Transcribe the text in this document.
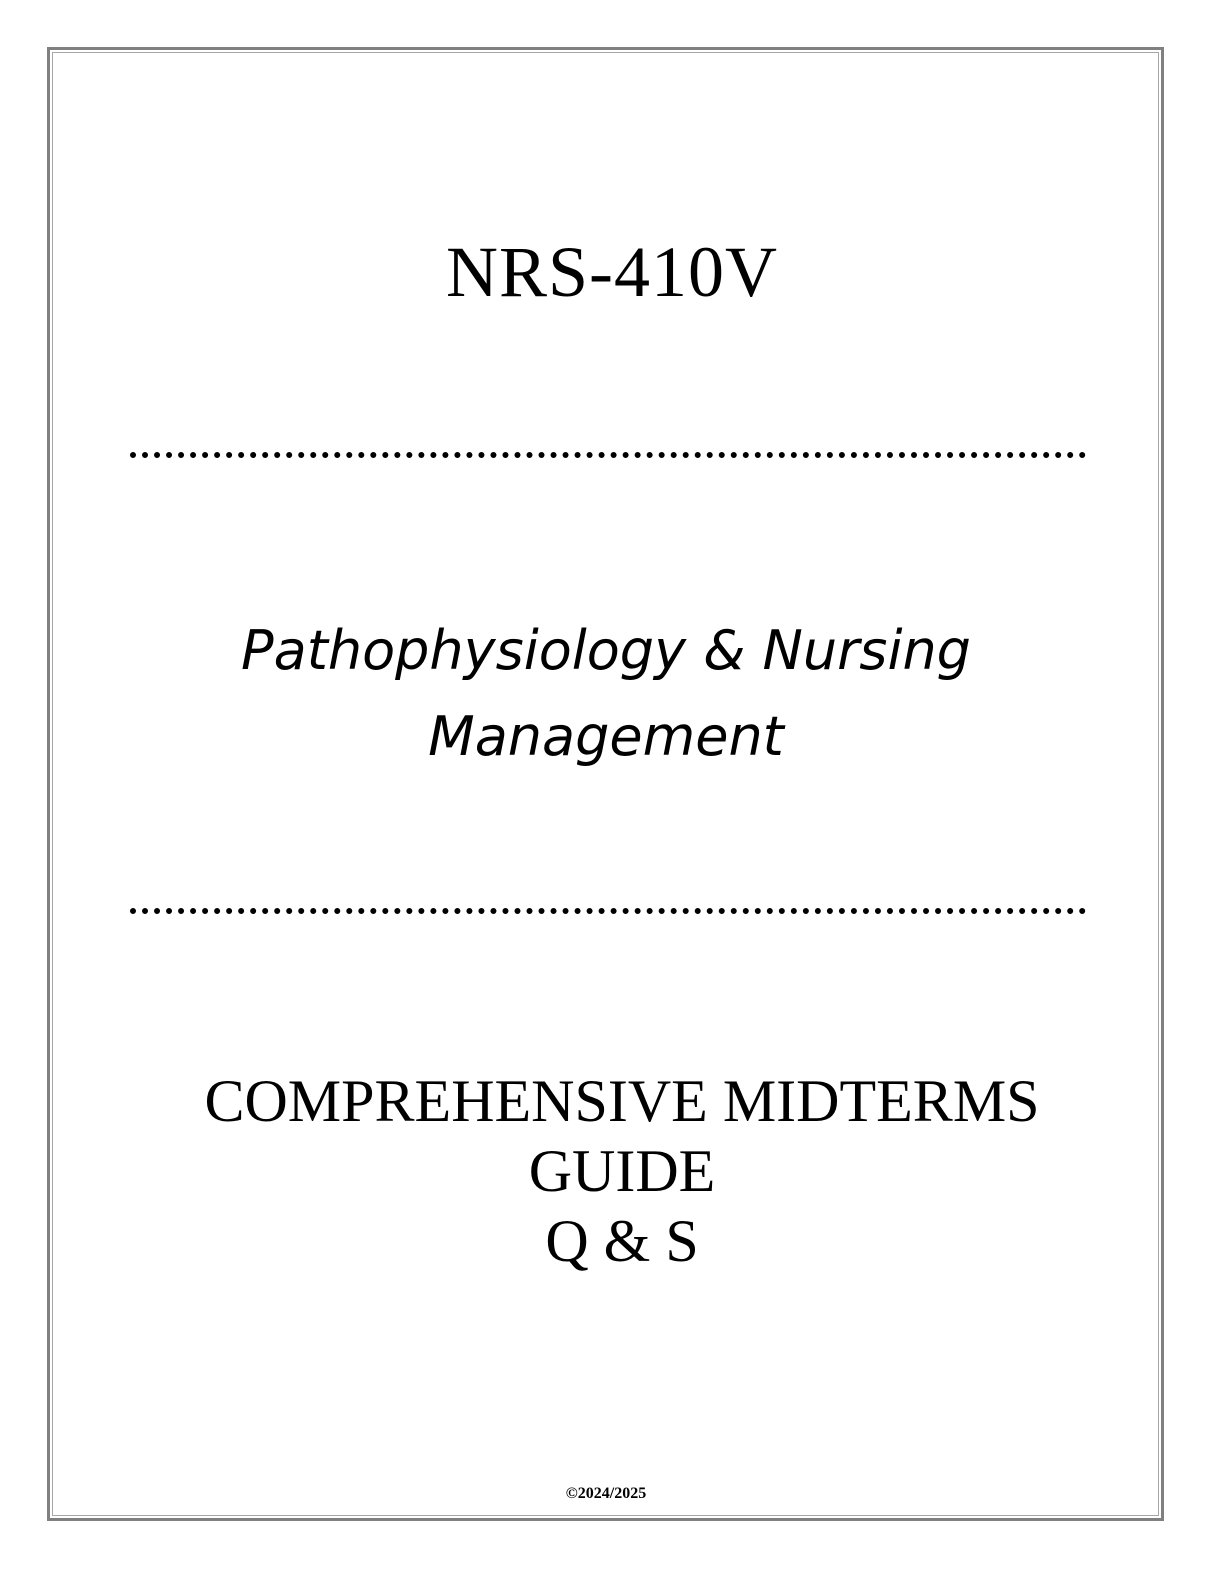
NRS-410V
Pathophysiology & Nursing
Management
COMPREHENSIVE MIDTERMS
GUIDE
Q & S
©2024/2025
